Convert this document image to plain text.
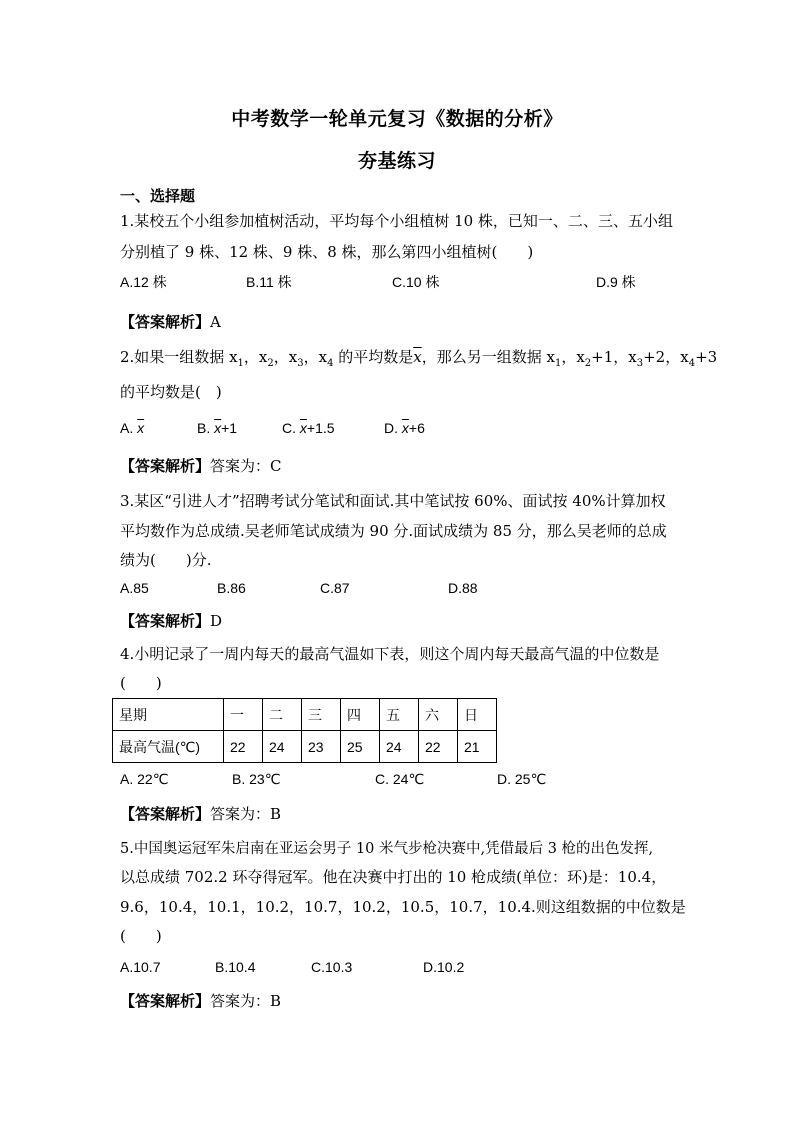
中考数学一轮单元复习《数据的分析》
夯基练习
一、选择题
1.某校五个小组参加植树活动，平均每个小组植树 10 株，已知一、二、三、五小组
分别植了 9 株、12 株、9 株、8 株，那么第四小组植树(　　)
A.12 株	B.11 株	C.10 株	D.9 株
【答案解析】A
2.如果一组数据 $x_1$，$x_2$，$x_3$，$x_4$ 的平均数是$\overline{x}$，那么另一组数据 $x_1$，$x_2+1$，$x_3+2$，$x_4+3$
的平均数是(　)
A. $\overline{x}$	B. $\overline{x}+1$	C. $\overline{x}+1.5$	D. $\overline{x}+6$
【答案解析】答案为：C
3.某区“引进人才”招聘考试分笔试和面试.其中笔试按 60%、面试按 40%计算加权
平均数作为总成绩.吴老师笔试成绩为 90 分.面试成绩为 85 分，那么吴老师的总成
绩为(　　)分.
A.85	B.86	C.87	D.88
【答案解析】D
4.小明记录了一周内每天的最高气温如下表，则这个周内每天最高气温的中位数是
(　　)
星期	一	二	三	四	五	六	日
最高气温(℃)	22	24	23	25	24	22	21
A. 22℃	B. 23℃	C. 24℃	D. 25℃
【答案解析】答案为：B
5.中国奥运冠军朱启南在亚运会男子 10 米气步枪决赛中,凭借最后 3 枪的出色发挥,
以总成绩 702.2 环夺得冠军。他在决赛中打出的 10 枪成绩(单位：环)是：10.4，
9.6，10.4，10.1，10.2，10.7，10.2，10.5，10.7，10.4.则这组数据的中位数是
(　　)
A.10.7	B.10.4	C.10.3	D.10.2
【答案解析】答案为：B
